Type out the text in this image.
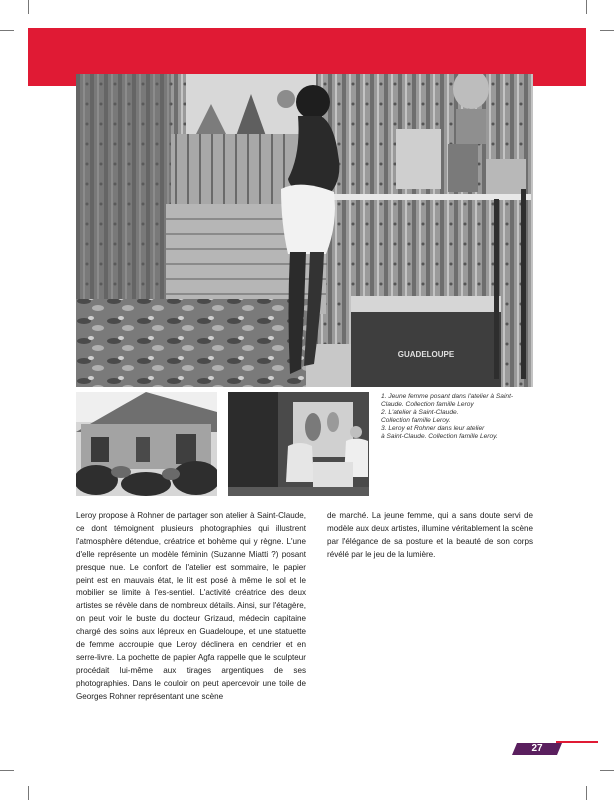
GUADELOUPE
1. Jeune femme posant dans l'atelier à Saint-
Claude. Collection famille Leroy
2. L'atelier à Saint-Claude.
Collection famille Leroy.
3. Leroy et Rohner dans leur atelier
à Saint-Claude. Collection famille Leroy.

Leroy propose à Rohner de partager son atelier à Saint-Claude, ce dont témoignent plusieurs photographies qui illustrent l'atmosphère détendue, créatrice et bohème qui y règne. L'une d'elle représente un modèle féminin (Suzanne Miatti ?) posant presque nue. Le confort de l'atelier est sommaire, le papier peint est en mauvais état, le lit est posé à même le sol et le mobilier se limite à l'es-sentiel. L'activité créatrice des deux artistes se révèle dans de nombreux détails. Ainsi, sur l'étagère, on peut voir le buste du docteur Grizaud, médecin capitaine chargé des soins aux lépreux en Guadeloupe, et une statuette de femme accroupie que Leroy déclinera en cendrier et en serre-livre. La pochette de papier Agfa rappelle que le sculpteur procédait lui-même aux tirages argentiques de ses photographies. Dans le couloir on peut apercevoir une toile de Georges Rohner représentant une scène

de marché. La jeune femme, qui a sans doute servi de modèle aux deux artistes, illumine véritablement la scène par l'élégance de sa posture et la beauté de son corps révélé par le jeu de la lumière.

27
